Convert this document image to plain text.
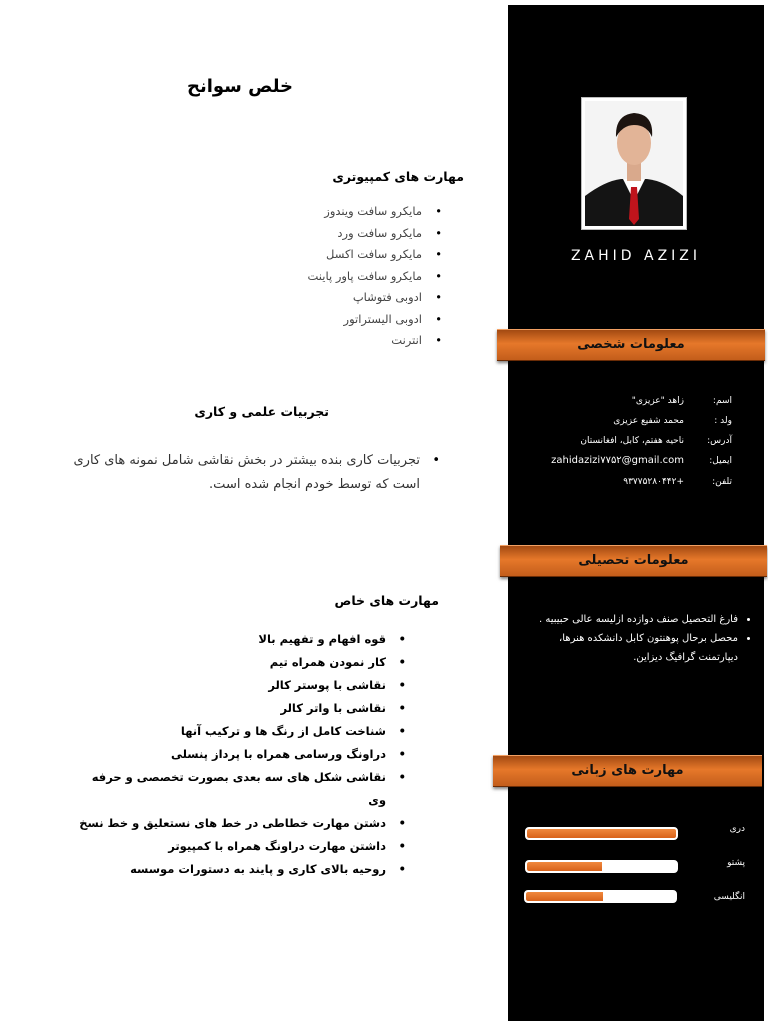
ZAHID AZIZI
معلومات شخصی
اسم:
زاهد "عزیزی"
ولد :
محمد شفیع عزیزی
آدرس:
ناحیه هفتم، کابل، افغانستان
ایمیل:
zahidazizi۷۷۵۲@gmail.com
تلفن:
+۹۳۷۷۵۲۸۰۴۴۲
معلومات تحصیلی
• فارغ التحصیل صنف دوازده ازلیسه عالی حبیبیه .
• محصل برحال پوهنتون کابل دانشکده هنرها، دیپارتمنت گرافیگ دیزاین.
مهارت های زبانی
دری
پشتو
انگلیسی
خلص سوانح
مهارت های کمپیوتری
• مایکرو سافت ویندوز
• مایکرو سافت ورد
• مایکرو سافت اکسل
• مایکرو سافت پاور پاینت
• ادوبی فتوشاپ
• ادوبی الیستراتور
• انترنت
تجربیات علمی و کاری
• تجربیات کاری بنده بیشتر در بخش نقاشی شامل نمونه های کاری است که توسط خودم انجام شده است.
مهارت های خاص
• قوه افهام و تفهیم بالا
• کار نمودن همراه تیم
• نقاشی با پوستر کالر
• نقاشی با واتر کالر
• شناخت کامل از رنگ ها و ترکیب آنها
• دراونگ ورسامی همراه با پرداز پنسلی
• نقاشی شکل های سه بعدی بصورت تخصصی و حرفه وی
• دشتن مهارت خطاطی در خط های نستعلیق و خط نسخ
• داشتن مهارت دراونگ همراه با کمپیوتر
• روحیه بالای کاری و پایند به دستورات موسسه
